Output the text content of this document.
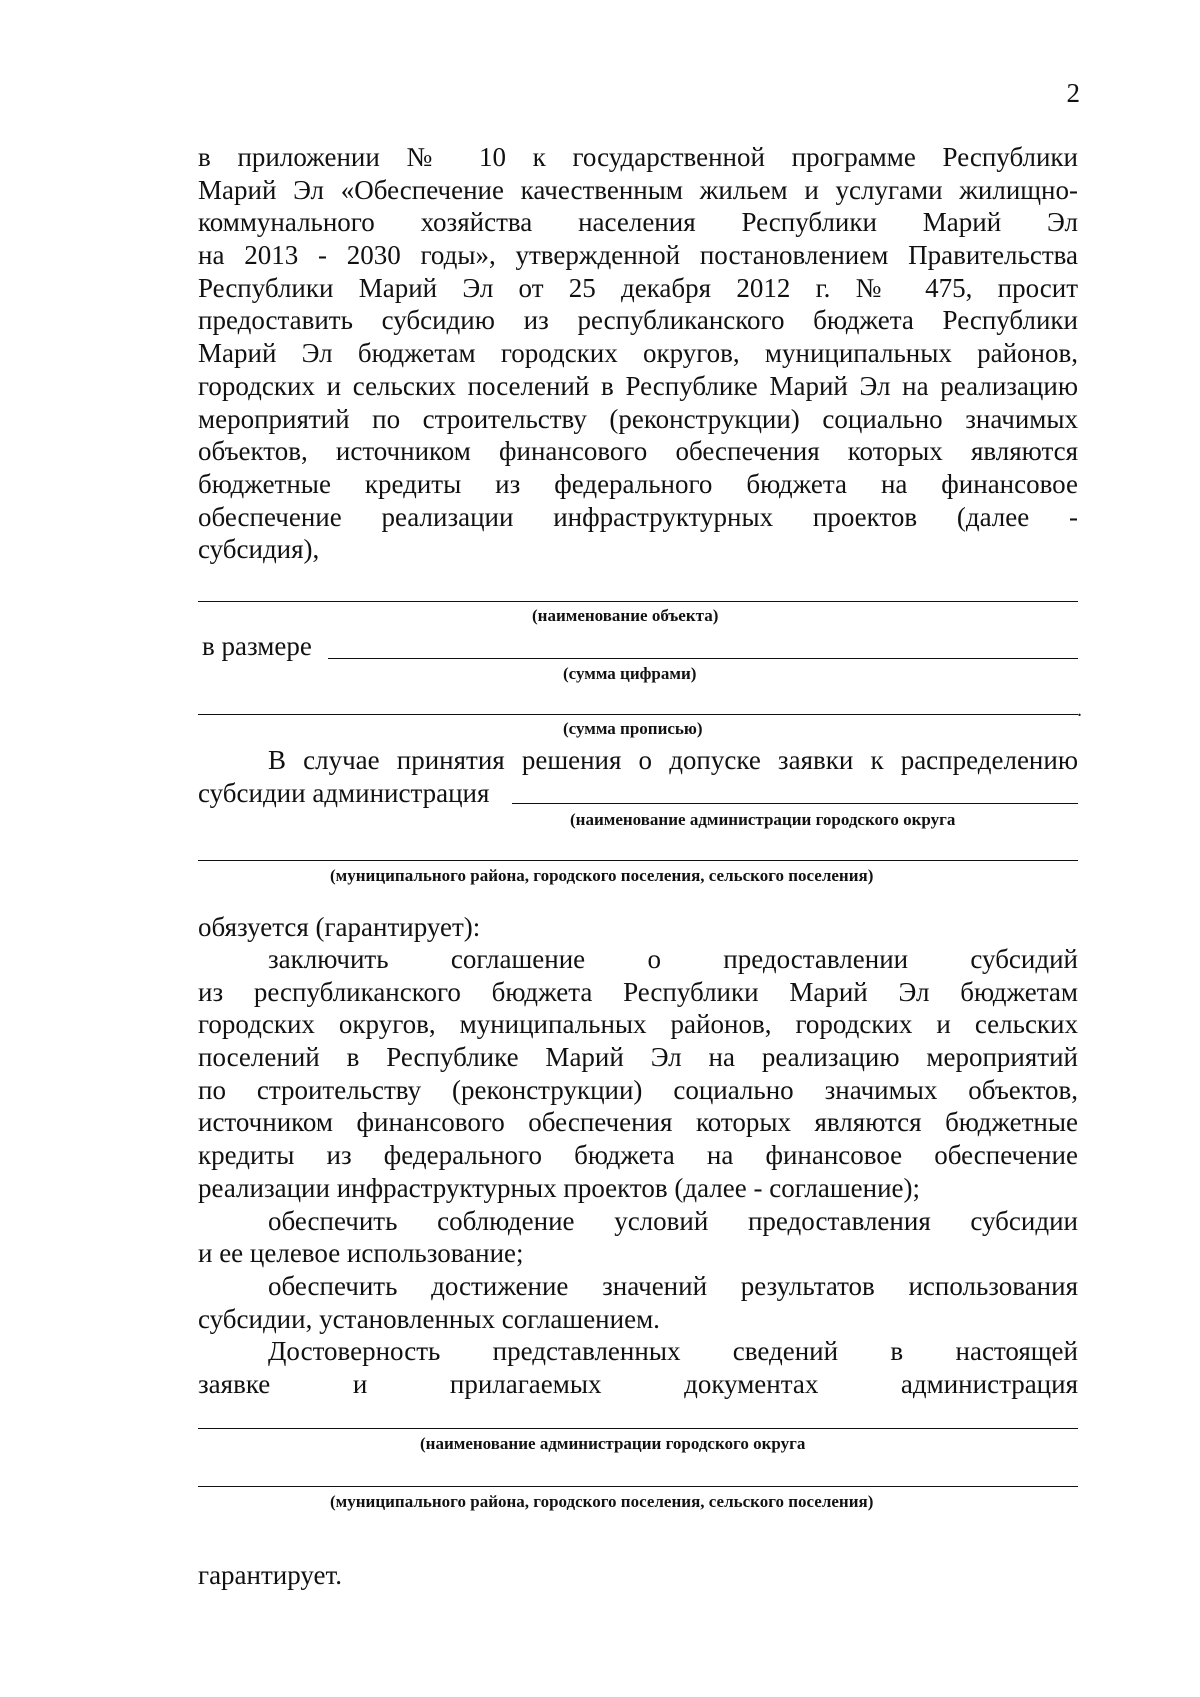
2
в приложении № 10 к государственной программе Республики
Марий Эл «Обеспечение качественным жильем и услугами жилищно-
коммунального хозяйства населения Республики Марий Эл
на 2013 - 2030 годы», утвержденной постановлением Правительства
Республики Марий Эл от 25 декабря 2012 г. № 475, просит
предоставить субсидию из республиканского бюджета Республики
Марий Эл бюджетам городских округов, муниципальных районов,
городских и сельских поселений в Республике Марий Эл на реализацию
мероприятий по строительству (реконструкции) социально значимых
объектов, источником финансового обеспечения которых являются
бюджетные кредиты из федерального бюджета на финансовое
обеспечение реализации инфраструктурных проектов (далее -
субсидия),
(наименование объекта)
в размере
(сумма цифрами)
.
(сумма прописью)
В случае принятия решения о допуске заявки к распределению
субсидии администрация
(наименование администрации городского округа
(муниципального района, городского поселения, сельского поселения)
обязуется (гарантирует):
заключить соглашение о предоставлении субсидий
из республиканского бюджета Республики Марий Эл бюджетам
городских округов, муниципальных районов, городских и сельских
поселений в Республике Марий Эл на реализацию мероприятий
по строительству (реконструкции) социально значимых объектов,
источником финансового обеспечения которых являются бюджетные
кредиты из федерального бюджета на финансовое обеспечение
реализации инфраструктурных проектов (далее - соглашение);
обеспечить соблюдение условий предоставления субсидии
и ее целевое использование;
обеспечить достижение значений результатов использования
субсидии, установленных соглашением.
Достоверность представленных сведений в настоящей
заявке и прилагаемых документах администрация
(наименование администрации городского округа
(муниципального района, городского поселения, сельского поселения)
гарантирует.
